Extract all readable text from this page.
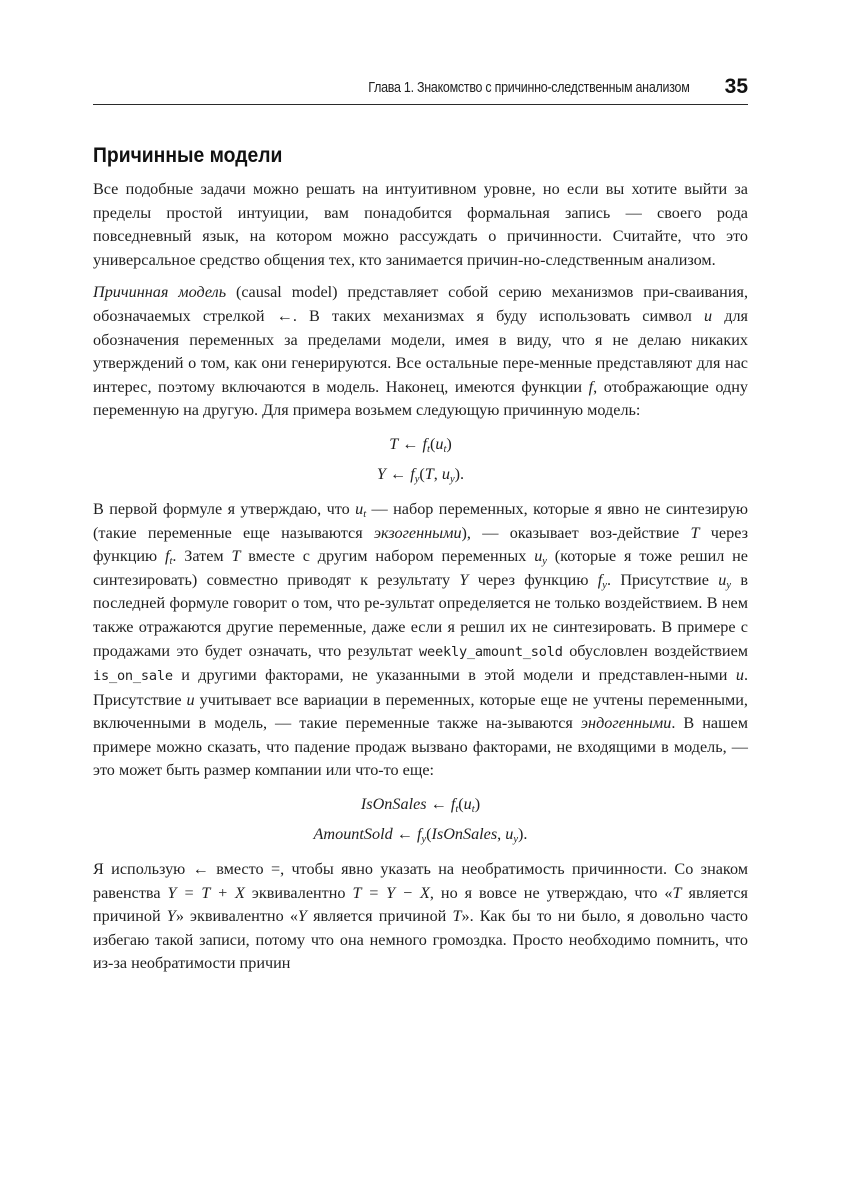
Глава 1. Знакомство с причинно-следственным анализом 35
Причинные модели

Все подобные задачи можно решать на интуитивном уровне, но если вы хотите выйти за пределы простой интуиции, вам понадобится формальная запись — своего рода повседневный язык, на котором можно рассуждать о причинности. Считайте, что это универсальное средство общения тех, кто занимается причин-но-следственным анализом.

Причинная модель (causal model) представляет собой серию механизмов при-сваивания, обозначаемых стрелкой ←. В таких механизмах я буду использовать символ u для обозначения переменных за пределами модели, имея в виду, что я не делаю никаких утверждений о том, как они генерируются. Все остальные пере-менные представляют для нас интерес, поэтому включаются в модель. Наконец, имеются функции f, отображающие одну переменную на другую. Для примера возьмем следующую причинную модель:

T ← $f_t(u_t)$
Y ← $f_y(T$, $u_y$).

В первой формуле я утверждаю, что $u_t$ — набор переменных, которые я явно не синтезирую (такие переменные еще называются экзогенными), — оказывает воз-действие T через функцию $f_t$. Затем T вместе с другим набором переменных $u_y$ (которые я тоже решил не синтезировать) совместно приводят к результату Y через функцию $f_y$. Присутствие $u_y$ в последней формуле говорит о том, что ре-зультат определяется не только воздействием. В нем также отражаются другие переменные, даже если я решил их не синтезировать. В примере с продажами это будет означать, что результат weekly_amount_sold обусловлен воздействием is_on_sale и другими факторами, не указанными в этой модели и представлен-ными u. Присутствие u учитывает все вариации в переменных, которые еще не учтены переменными, включенными в модель, — такие переменные также на-зываются эндогенными. В нашем примере можно сказать, что падение продаж вызвано факторами, не входящими в модель, — это может быть размер компании или что-то еще:

IsOnSales ← $f_t(u_t)$
AmountSold ← $f_y(IsOnSales$, $u_y$).

Я использую ← вместо =, чтобы явно указать на необратимость причинности. Со знаком равенства Y = T + X эквивалентно T = Y − X, но я вовсе не утверждаю, что «T является причиной Y» эквивалентно «Y является причиной T». Как бы то ни было, я довольно часто избегаю такой записи, потому что она немного громоздка. Просто необходимо помнить, что из-за необратимости причин
